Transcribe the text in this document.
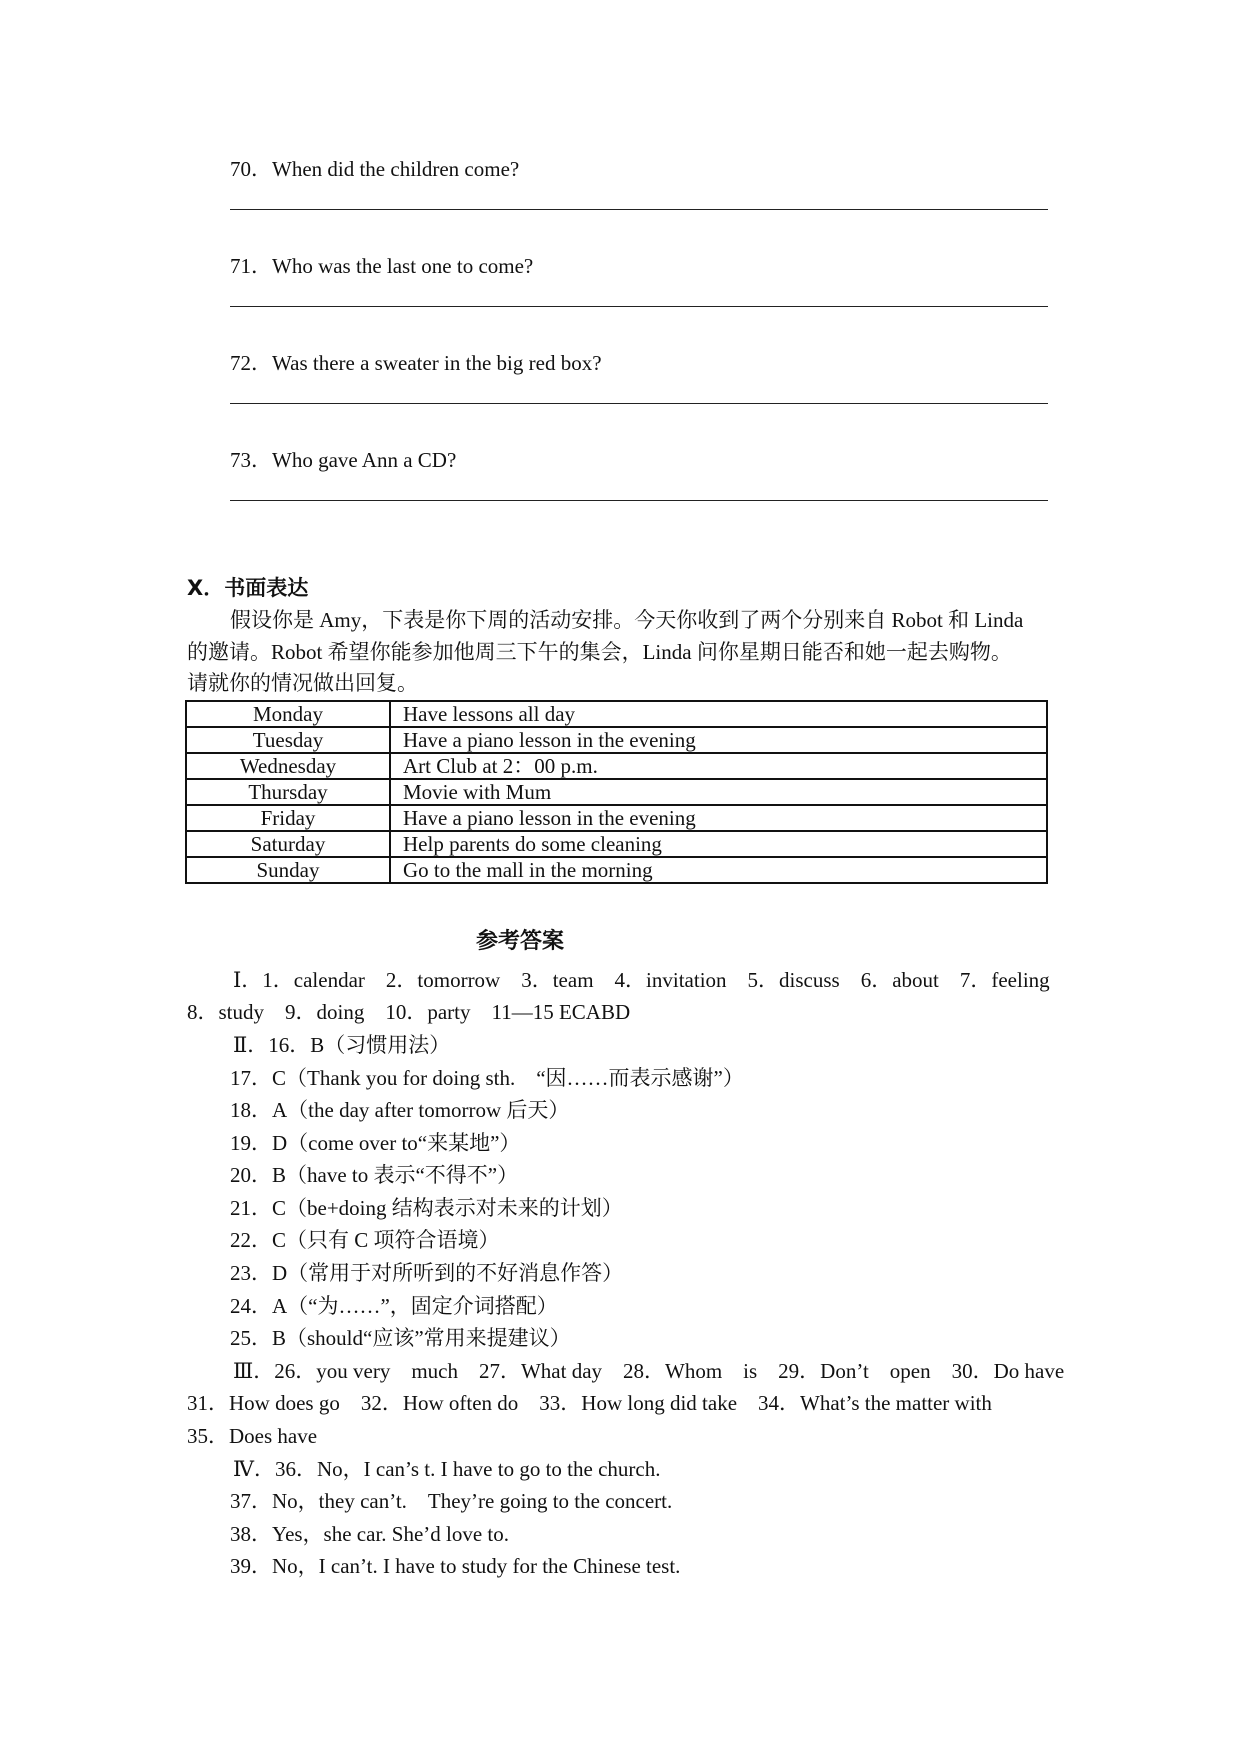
70．When did the children come?
71．Who was the last one to come?
72．Was there a sweater in the big red box?
73．Who gave Ann a CD?
Ⅹ．书面表达
假设你是 Amy，下表是你下周的活动安排。今天你收到了两个分别来自 Robot 和 Linda
的邀请。Robot 希望你能参加他周三下午的集会，Linda 问你星期日能否和她一起去购物。
请就你的情况做出回复。
Monday	Have lessons all day
Tuesday	Have a piano lesson in the evening
Wednesday	Art Club at 2：00 p.m.
Thursday	Movie with Mum
Friday	Have a piano lesson in the evening
Saturday	Help parents do some cleaning
Sunday	Go to the mall in the morning
参考答案
Ⅰ．1．calendar　2．tomorrow　3．team　4．invitation　5．discuss　6．about　7．feeling
8．study　9．doing　10．party　11—15 ECABD
Ⅱ．16．B（习惯用法）
17．C（Thank you for doing sth.　“因……而表示感谢”）
18．A（the day after tomorrow 后天）
19．D（come over to“来某地”）
20．B（have to 表示“不得不”）
21．C（be+doing 结构表示对未来的计划）
22．C（只有 C 项符合语境）
23．D（常用于对所听到的不好消息作答）
24．A（“为……”，固定介词搭配）
25．B（should“应该”常用来提建议）
Ⅲ．26．you very　much　27．What day　28．Whom　is　29．Don’t　open　30．Do have
31．How does go　32．How often do　33．How long did take　34．What’s the matter with
35．Does have
Ⅳ．36．No，I can’s t. I have to go to the church.
37．No，they can’t.　They’re going to the concert.
38．Yes，she car. She’d love to.
39．No，I can’t. I have to study for the Chinese test.
